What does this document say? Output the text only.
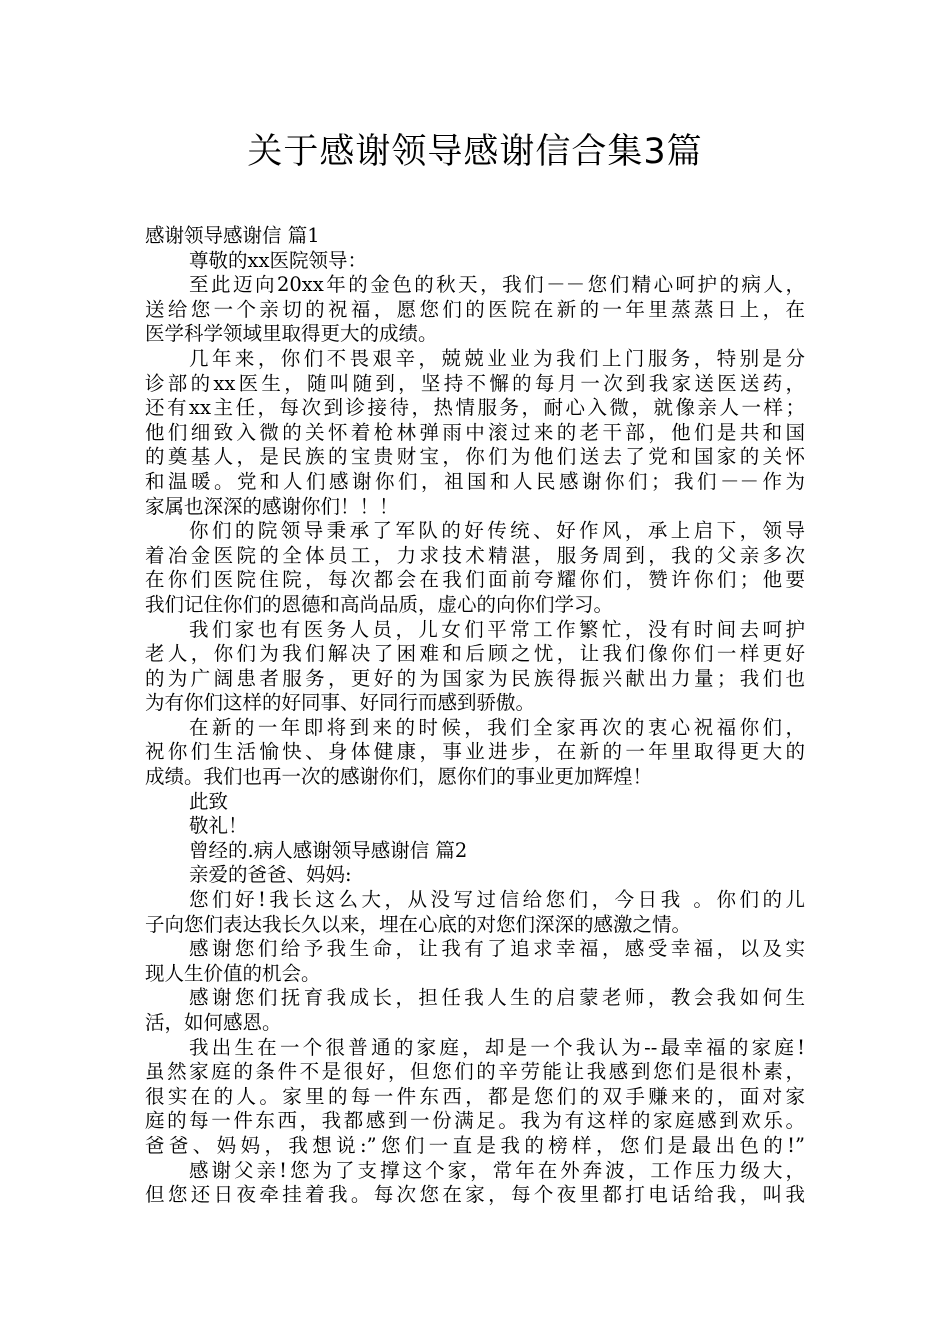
关于感谢领导感谢信合集3篇
感谢领导感谢信 篇1
尊敬的xx医院领导：
至此迈向20xx年的金色的秋天，我们－－您们精心呵护的病人，
送给您一个亲切的祝福，愿您们的医院在新的一年里蒸蒸日上，在
医学科学领域里取得更大的成绩。
几年来，你们不畏艰辛，兢兢业业为我们上门服务，特别是分
诊部的xx医生，随叫随到，坚持不懈的每月一次到我家送医送药，
还有xx主任，每次到诊接待，热情服务，耐心入微，就像亲人一样；
他们细致入微的关怀着枪林弹雨中滚过来的老干部，他们是共和国
的奠基人，是民族的宝贵财宝，你们为他们送去了党和国家的关怀
和温暖。党和人们感谢你们，祖国和人民感谢你们；我们－－作为
家属也深深的感谢你们！！！
你们的院领导秉承了军队的好传统、好作风，承上启下，领导
着冶金医院的全体员工，力求技术精湛，服务周到，我的父亲多次
在你们医院住院，每次都会在我们面前夸耀你们，赞许你们；他要
我们记住你们的恩德和高尚品质，虚心的向你们学习。
我们家也有医务人员，儿女们平常工作繁忙，没有时间去呵护
老人，你们为我们解决了困难和后顾之忧，让我们像你们一样更好
的为广阔患者服务，更好的为国家为民族得振兴献出力量；我们也
为有你们这样的好同事、好同行而感到骄傲。
在新的一年即将到来的时候，我们全家再次的衷心祝福你们，
祝你们生活愉快、身体健康，事业进步，在新的一年里取得更大的
成绩。我们也再一次的感谢你们，愿你们的事业更加辉煌！
此致
敬礼！
曾经的.病人感谢领导感谢信 篇2
亲爱的爸爸、妈妈:
您们好!我长这么大，从没写过信给您们，今日我 。你们的儿
子向您们表达我长久以来，埋在心底的对您们深深的感激之情。
感谢您们给予我生命，让我有了追求幸福，感受幸福，以及实
现人生价值的机会。
感谢您们抚育我成长，担任我人生的启蒙老师，教会我如何生
活，如何感恩。
我出生在一个很普通的家庭，却是一个我认为--最幸福的家庭!
虽然家庭的条件不是很好，但您们的辛劳能让我感到您们是很朴素，
很实在的人。家里的每一件东西，都是您们的双手赚来的，面对家
庭的每一件东西，我都感到一份满足。我为有这样的家庭感到欢乐。
爸爸、妈妈，我想说:”您们一直是我的榜样，您们是最出色的!”
感谢父亲!您为了支撑这个家，常年在外奔波，工作压力级大，
但您还日夜牵挂着我。每次您在家，每个夜里都打电话给我，叫我
